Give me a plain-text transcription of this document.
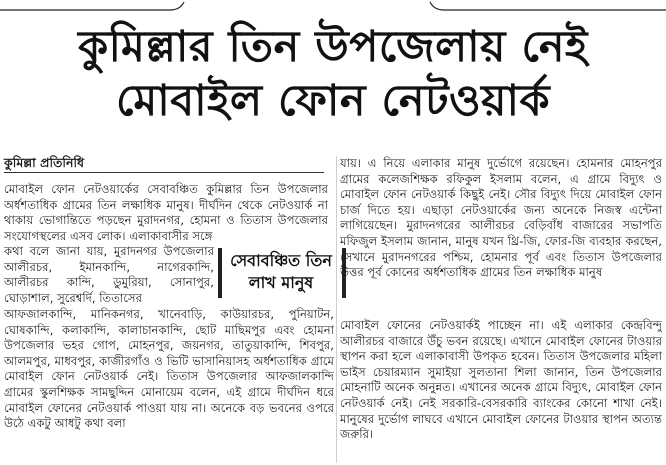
কুমিল্লার তিন উপজেলায় নেই
মোবাইল ফোন নেটওয়ার্ক
কুমিল্লা প্রতিনিধি
মোবাইল ফোন নেটওয়ার্কের সেবাবঞ্চিত কুমিল্লার তিন উপজেলার অর্ধশতাধিক গ্রামের তিন লক্ষাধিক মানুষ। দীর্ঘদিন থেকে নেটওয়ার্ক না থাকায় ভোগান্তিতে পড়ছেন মুরাদনগর, হোমনা ও তিতাস উপজেলার সংযোগস্থলের এসব লোক। এলাকাবাসীর সঙ্গে
কথা বলে জানা যায়, মুরাদনগর উপজেলার আলীরচর, ইমানকান্দি, নাগেরকান্দি, আলীরচর কান্দি, ডুমুরিয়া, সোনাপুর, ঘোড়াশাল, সুরেশ্বর্দি, তিতাসের
সেবাবঞ্চিত তিন
লাখ মানুষ
আফজালকান্দি, মানিকনগর, খানেবাড়ি, কাউয়ারচর, পুনিয়াটন, ঘোষকান্দি, কলাকান্দি, কালাচানকান্দি, ছোট মাছিমপুর এবং হোমনা উপজেলার ভহর গোপ, মোহনপুর, জয়নগর, তাতুয়াকান্দি, শিবপুর, আলমপুর, মাধবপুর, কাজীরগাঁও ও ভিটি ভাসানিয়াসহ অর্ধশতাধিক গ্রামে মোবাইল ফোন নেটওয়ার্ক নেই। তিতাস উপজেলার আফজালকান্দি গ্রামের স্কুলশিক্ষক সামছুদ্দিন মোনায়েম বলেন, এই গ্রামে দীর্ঘদিন ধরে মোবাইল ফোনের নেটওয়ার্ক পাওয়া যায় না। অনেকে বড় ভবনের ওপরে উঠে একটু আধটু কথা বলা
যায়। এ নিয়ে এলাকার মানুষ দুর্ভোগে রয়েছেন। হোমনার মোহনপুর গ্রামের কলেজশিক্ষক রফিকুল ইসলাম বলেন, এ গ্রামে বিদ্যুৎ ও মোবাইল ফোন নেটওয়ার্ক কিছুই নেই। সৌর বিদ্যুৎ দিয়ে মোবাইল ফোন চার্জ দিতে হয়। এছাড়া নেটওয়ার্কের জন্য অনেকে নিজস্ব এন্টেনা লাগিয়েছেন। মুরাদনগরের আলীরচর বেড়িবাঁধ বাজারের সভাপতি মফিজুল ইসলাম জানান, মানুষ যখন থ্রি-জি, ফোর-জি ব্যবহার করছেন, সেখানে মুরাদনগরের পশ্চিম, হোমনার পূর্ব এবং তিতাস উপজেলার উত্তর পূর্ব কোনের অর্ধশতাধিক গ্রামের তিন লক্ষাধিক মানুষ
মোবাইল ফোনের নেটওয়ার্কই পাচ্ছেন না। এই এলাকার কেন্দ্রবিন্দু আলীরচর বাজারে উঁচু ভবন রয়েছে। এখানে মোবাইল ফোনের টাওয়ার স্থাপন করা হলে এলাকাবাসী উপকৃত হবেন। তিতাস উপজেলার মহিলা ভাইস চেয়ারম্যান সুমাইয়া সুলতানা শিলা জানান, তিন উপজেলার মোহনাটি অনেক অনুন্নত। এখানের অনেক গ্রামে বিদ্যুৎ, মোবাইল ফোন নেটওয়ার্ক নেই। নেই সরকারি-বেসরকারি ব্যাংকের কোনো শাখা নেই। মানুষের দুর্ভোগ লাঘবে এখানে মোবাইল ফোনের টাওয়ার স্থাপন অত্যন্ত জরুরি।
